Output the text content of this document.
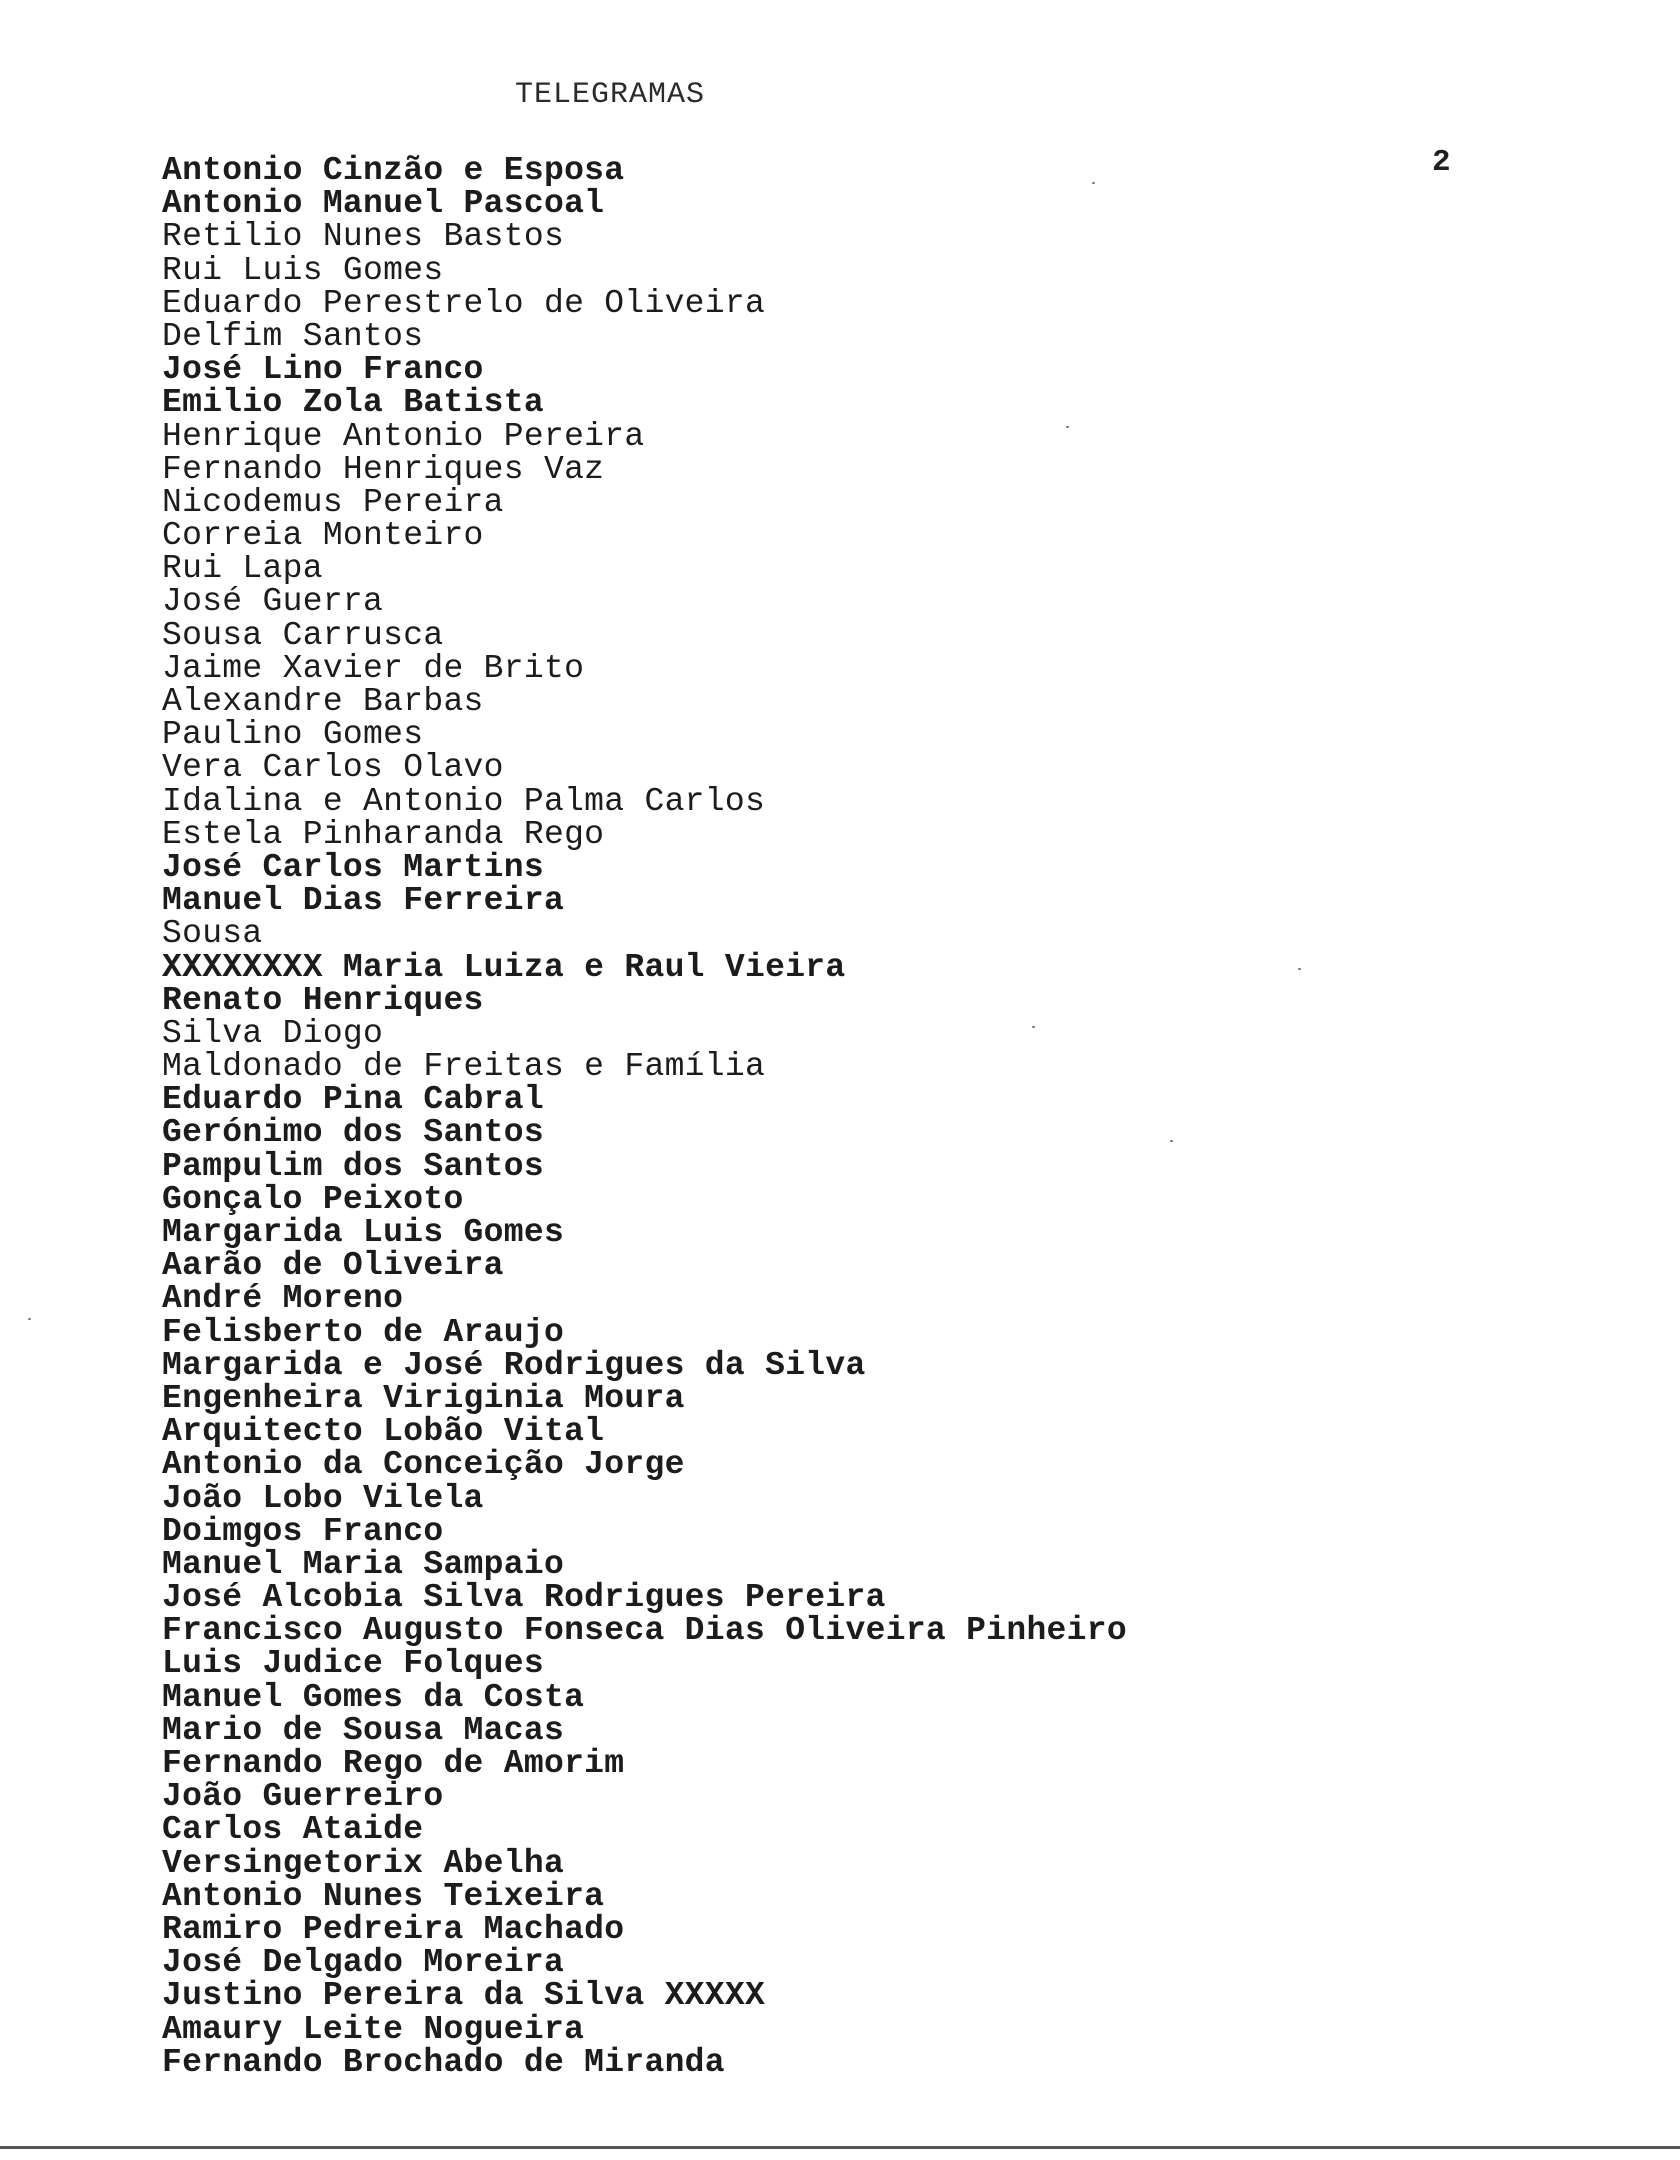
TELEGRAMAS
2
Antonio Cinzão e Esposa
Antonio Manuel Pascoal
Retilio Nunes Bastos
Rui Luis Gomes
Eduardo Perestrelo de Oliveira
Delfim Santos
José Lino Franco
Emilio Zola Batista
Henrique Antonio Pereira
Fernando Henriques Vaz
Nicodemus Pereira
Correia Monteiro
Rui Lapa
José Guerra
Sousa Carrusca
Jaime Xavier de Brito
Alexandre Barbas
Paulino Gomes
Vera Carlos Olavo
Idalina e Antonio Palma Carlos
Estela Pinharanda Rego
José Carlos Martins
Manuel Dias Ferreira
Sousa
XXXXXXXX Maria Luiza e Raul Vieira
Renato Henriques
Silva Diogo
Maldonado de Freitas e Família
Eduardo Pina Cabral
Gerónimo dos Santos
Pampulim dos Santos
Gonçalo Peixoto
Margarida Luis Gomes
Aarão de Oliveira
André Moreno
Felisberto de Araujo
Margarida e José Rodrigues da Silva
Engenheira Viriginia Moura
Arquitecto Lobão Vital
Antonio da Conceição Jorge
João Lobo Vilela
Doimgos Franco
Manuel Maria Sampaio
José Alcobia Silva Rodrigues Pereira
Francisco Augusto Fonseca Dias Oliveira Pinheiro
Luis Judice Folques
Manuel Gomes da Costa
Mario de Sousa Macas
Fernando Rego de Amorim
João Guerreiro
Carlos Ataide
Versingetorix Abelha
Antonio Nunes Teixeira
Ramiro Pedreira Machado
José Delgado Moreira
Justino Pereira da Silva XXXXX
Amaury Leite Nogueira
Fernando Brochado de Miranda
